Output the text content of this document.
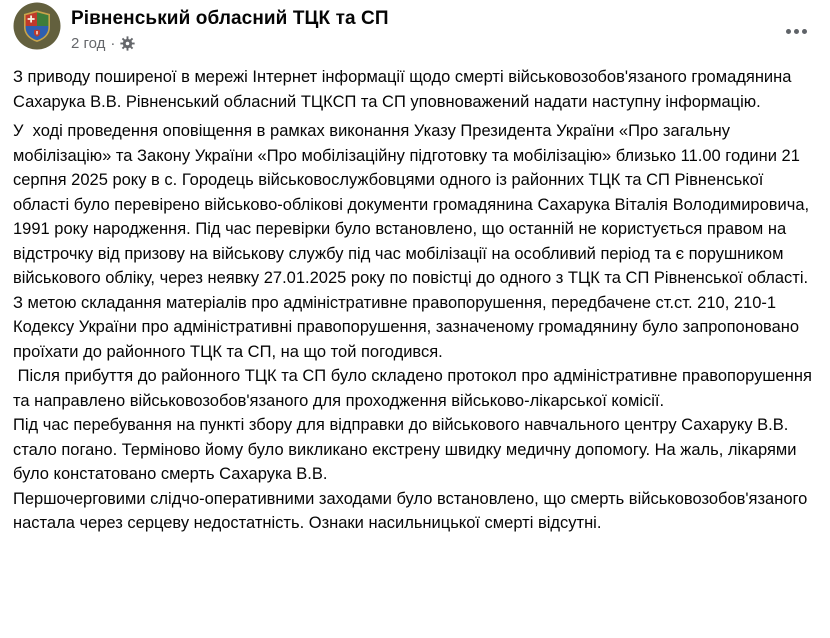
Рівненський обласний ТЦК та СП
2 год ·
З приводу поширеної в мережі Інтернет інформації щодо смерті військовозобов'язаного громадянина  Сахарука В.В. Рівненський обласний ТЦКСП та СП уповноважений надати наступну інформацію.
У  ході проведення оповіщення в рамках виконання Указу Президента України «Про загальну мобілізацію» та Закону України «Про мобілізаційну підготовку та мобілізацію» близько 11.00 години 21 серпня 2025 року в с. Городець військовослужбовцями одного із районних ТЦК та СП Рівненської області було перевірено військово-облікові документи громадянина Сахарука Віталія Володимировича, 1991 року народження. Під час перевірки було встановлено, що останній не користується правом на відстрочку від призову на військову службу під час мобілізації на особливий період та є порушником військового обліку, через неявку 27.01.2025 року по повістці до одного з ТЦК та СП Рівненської області.
З метою складання матеріалів про адміністративне правопорушення, передбачене ст.ст. 210, 210-1 Кодексу України про адміністративні правопорушення, зазначеному громадянину було запропоновано проїхати до районного ТЦК та СП, на що той погодився.
Після прибуття до районного ТЦК та СП було складено протокол про адміністративне правопорушення та направлено військовозобов'язаного для проходження військово-лікарської комісії.
Під час перебування на пункті збору для відправки до військового навчального центру Сахаруку В.В. стало погано. Терміново йому було викликано екстрену швидку медичну допомогу. На жаль, лікарями було констатовано смерть Сахарука В.В.
Першочерговими слідчо-оперативними заходами було встановлено, що смерть військовозобов'язаного настала через серцеву недостатність. Ознаки насильницької смерті відсутні.
